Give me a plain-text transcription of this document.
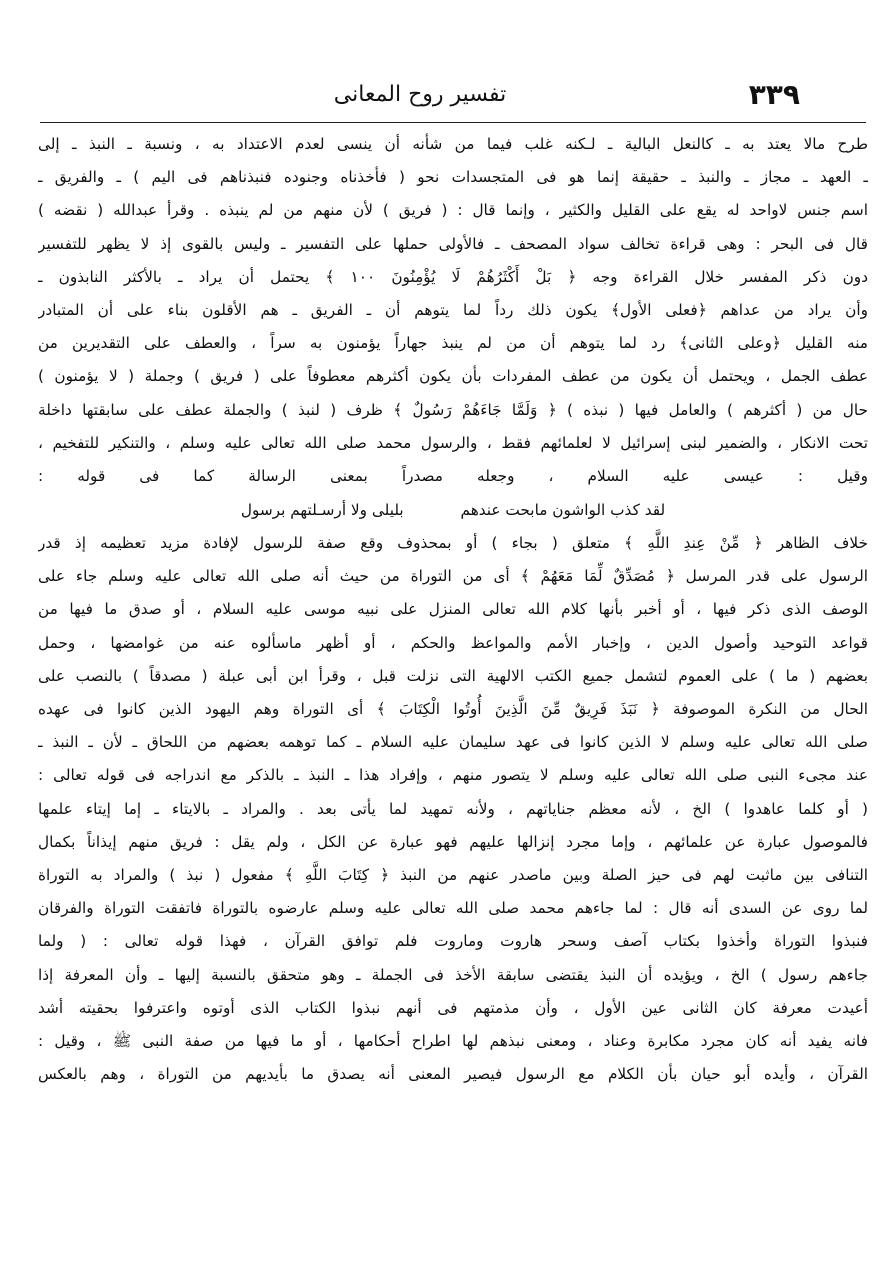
٣٣٩
تفسير روح المعانى
طرح مالا يعتد به ـ كالنعل البالية ـ لـكنه غلب فيما من شأنه أن ينسى لعدم الاعتداد به ، ونسبة ـ النبذ ـ إلى
ـ العهد ـ مجاز ـ والنبذ ـ حقيقة إنما هو فى المتجسدات نحو ( فأخذناه وجنوده فنبذناهم فى اليم ) ـ والفريق ـ
اسم جنس لاواحد له يقع على القليل والكثير ، وإنما قال : ( فريق ) لأن منهم من لم ينبذه . وقرأ عبدالله ( نقضه )
قال فى البحر : وهى قراءة تخالف سواد المصحف ـ فالأولى حملها على التفسير ـ وليس بالقوى إذ لا يظهر للتفسير
دون ذكر المفسر خلال القراءة وجه ﴿ بَلْ أَكْثَرُهُمْ لَا يُؤْمِنُونَ ١٠٠ ﴾ يحتمل أن يراد ـ بالأكثر النابذون ـ
وأن يراد من عداهم ﴿فعلى الأول﴾ يكون ذلك رداً لما يتوهم أن ـ الفريق ـ هم الأقلون بناء على أن المتبادر
منه القليل ﴿وعلى الثانى﴾ رد لما يتوهم أن من لم ينبذ جهاراً يؤمنون به سراً ، والعطف على التقديرين من
عطف الجمل ، ويحتمل أن يكون من عطف المفردات بأن يكون أكثرهم معطوفاً على ( فريق ) وجملة ( لا يؤمنون )
حال من ( أكثرهم ) والعامل فيها ( نبذه ) ﴿ وَلَمَّا جَاءَهُمْ رَسُولٌ ﴾ ظرف ( لنبذ ) والجملة عطف على سابقتها داخلة
تحت الانكار ، والضمير لبنى إسرائيل لا لعلمائهم فقط ، والرسول محمد صلى الله تعالى عليه وسلم ، والتنكير للتفخيم ،
وقيل : عيسى عليه السلام ، وجعله مصدراً بمعنى الرسالة كما فى قوله :
لقد كذب الواشون مابحت عندهم بليلى ولا أرسـلتهم برسول
خلاف الظاهر ﴿ مِّنْ عِندِ اللَّهِ ﴾ متعلق ( بجاء ) أو بمحذوف وقع صفة للرسول لإفادة مزيد تعظيمه إذ قدر
الرسول على قدر المرسل ﴿ مُصَدِّقٌ لِّمَا مَعَهُمْ ﴾ أى من التوراة من حيث أنه صلى الله تعالى عليه وسلم جاء على
الوصف الذى ذكر فيها ، أو أخبر بأنها كلام الله تعالى المنزل على نبيه موسى عليه السلام ، أو صدق ما فيها من
قواعد التوحيد وأصول الدين ، وإخبار الأمم والمواعظ والحكم ، أو أظهر ماسألوه عنه من غوامضها ، وحمل
بعضهم ( ما ) على العموم لتشمل جميع الكتب الالهية التى نزلت قبل ، وقرأ ابن أبى عبلة ( مصدقاً ) بالنصب على
الحال من النكرة الموصوفة ﴿ نَبَذَ فَرِيقٌ مِّنَ الَّذِينَ أُوتُوا الْكِتَابَ ﴾ أى التوراة وهم اليهود الذين كانوا فى عهده
صلى الله تعالى عليه وسلم لا الذين كانوا فى عهد سليمان عليه السلام ـ كما توهمه بعضهم من اللحاق ـ لأن ـ النبذ ـ
عند مجىء النبى صلى الله تعالى عليه وسلم لا يتصور منهم ، وإفراد هذا ـ النبذ ـ بالذكر مع اندراجه فى قوله تعالى :
( أو كلما عاهدوا ) الخ ، لأنه معظم جناياتهم ، ولأنه تمهيد لما يأتى بعد . والمراد ـ بالايتاء ـ إما إيتاء علمها
فالموصول عبارة عن علمائهم ، وإما مجرد إنزالها عليهم فهو عبارة عن الكل ، ولم يقل : فريق منهم إيذاناً بكمال
التنافى بين ماثبت لهم فى حيز الصلة وبين ماصدر عنهم من النبذ ﴿ كِتَابَ اللَّهِ ﴾ مفعول ( نبذ ) والمراد به التوراة
لما روى عن السدى أنه قال : لما جاءهم محمد صلى الله تعالى عليه وسلم عارضوه بالتوراة فاتفقت التوراة والفرقان
فنبذوا التوراة وأخذوا بكتاب آصف وسحر هاروت وماروت فلم توافق القرآن ، فهذا قوله تعالى : ( ولما
جاءهم رسول ) الخ ، ويؤيده أن النبذ يقتضى سابقة الأخذ فى الجملة ـ وهو متحقق بالنسبة إليها ـ وأن المعرفة إذا
أعيدت معرفة كان الثانى عين الأول ، وأن مذمتهم فى أنهم نبذوا الكتاب الذى أوتوه واعترفوا بحقيته أشد
فانه يفيد أنه كان مجرد مكابرة وعناد ، ومعنى نبذهم لها اطراح أحكامها ، أو ما فيها من صفة النبى ﷺ ، وقيل :
القرآن ، وأيده أبو حيان بأن الكلام مع الرسول فيصير المعنى أنه يصدق ما بأيديهم من التوراة ، وهم بالعكس
